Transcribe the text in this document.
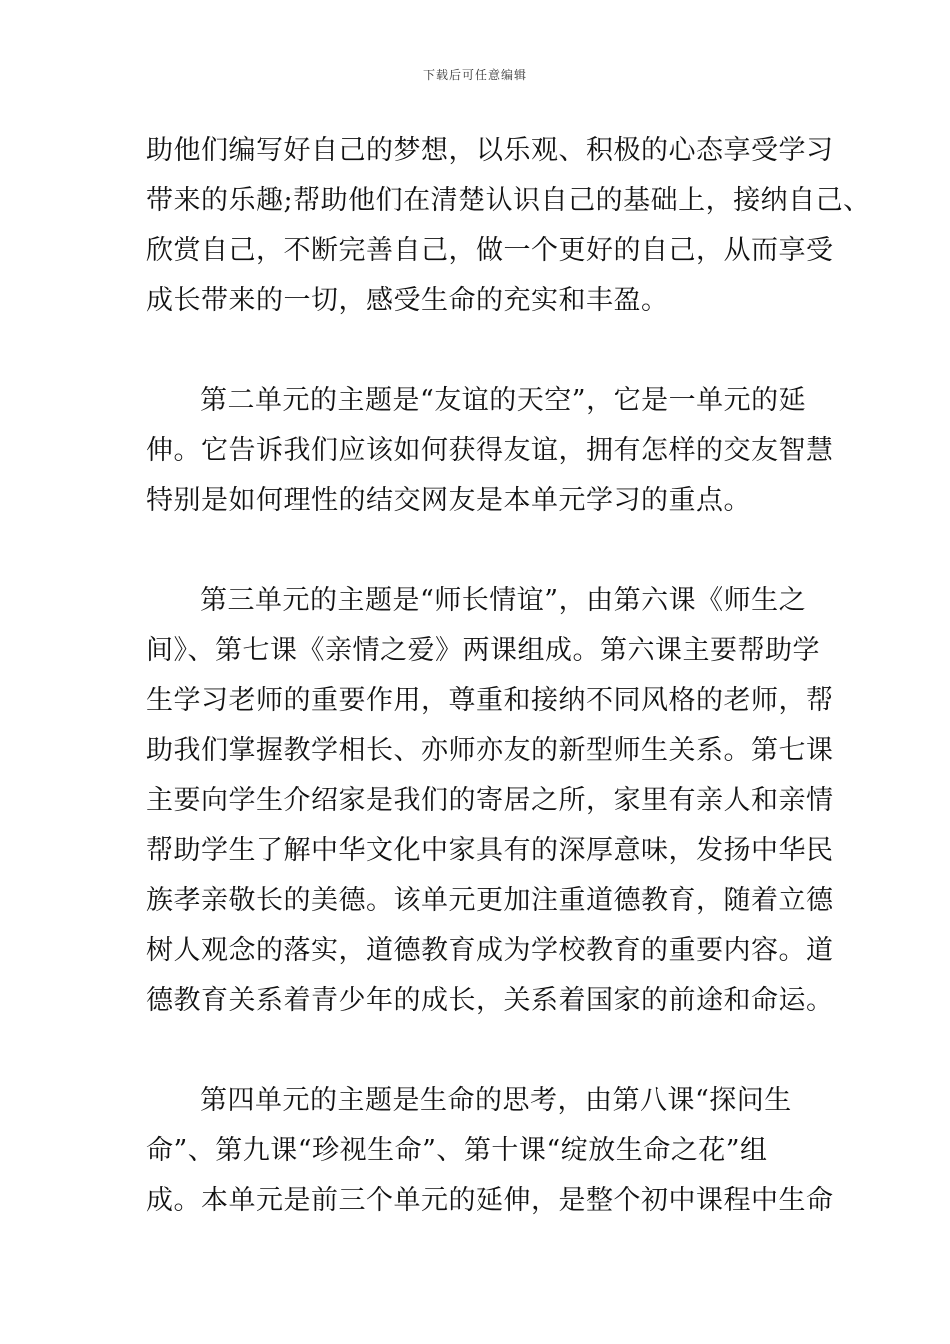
下载后可任意编辑
助他们编写好自己的梦想，以乐观、积极的心态享受学习
带来的乐趣;帮助他们在清楚认识自己的基础上，接纳自己、
欣赏自己，不断完善自己，做一个更好的自己，从而享受
成长带来的一切，感受生命的充实和丰盈。
第二单元的主题是“友谊的天空”，它是一单元的延
伸。它告诉我们应该如何获得友谊，拥有怎样的交友智慧
特别是如何理性的结交网友是本单元学习的重点。
第三单元的主题是“师长情谊”，由第六课《师生之
间》、第七课《亲情之爱》两课组成。第六课主要帮助学
生学习老师的重要作用，尊重和接纳不同风格的老师，帮
助我们掌握教学相长、亦师亦友的新型师生关系。第七课
主要向学生介绍家是我们的寄居之所，家里有亲人和亲情
帮助学生了解中华文化中家具有的深厚意味，发扬中华民
族孝亲敬长的美德。该单元更加注重道德教育，随着立德
树人观念的落实，道德教育成为学校教育的重要内容。道
德教育关系着青少年的成长，关系着国家的前途和命运。
第四单元的主题是生命的思考，由第八课“探问生
命”、第九课“珍视生命”、第十课“绽放生命之花”组
成。本单元是前三个单元的延伸，是整个初中课程中生命
